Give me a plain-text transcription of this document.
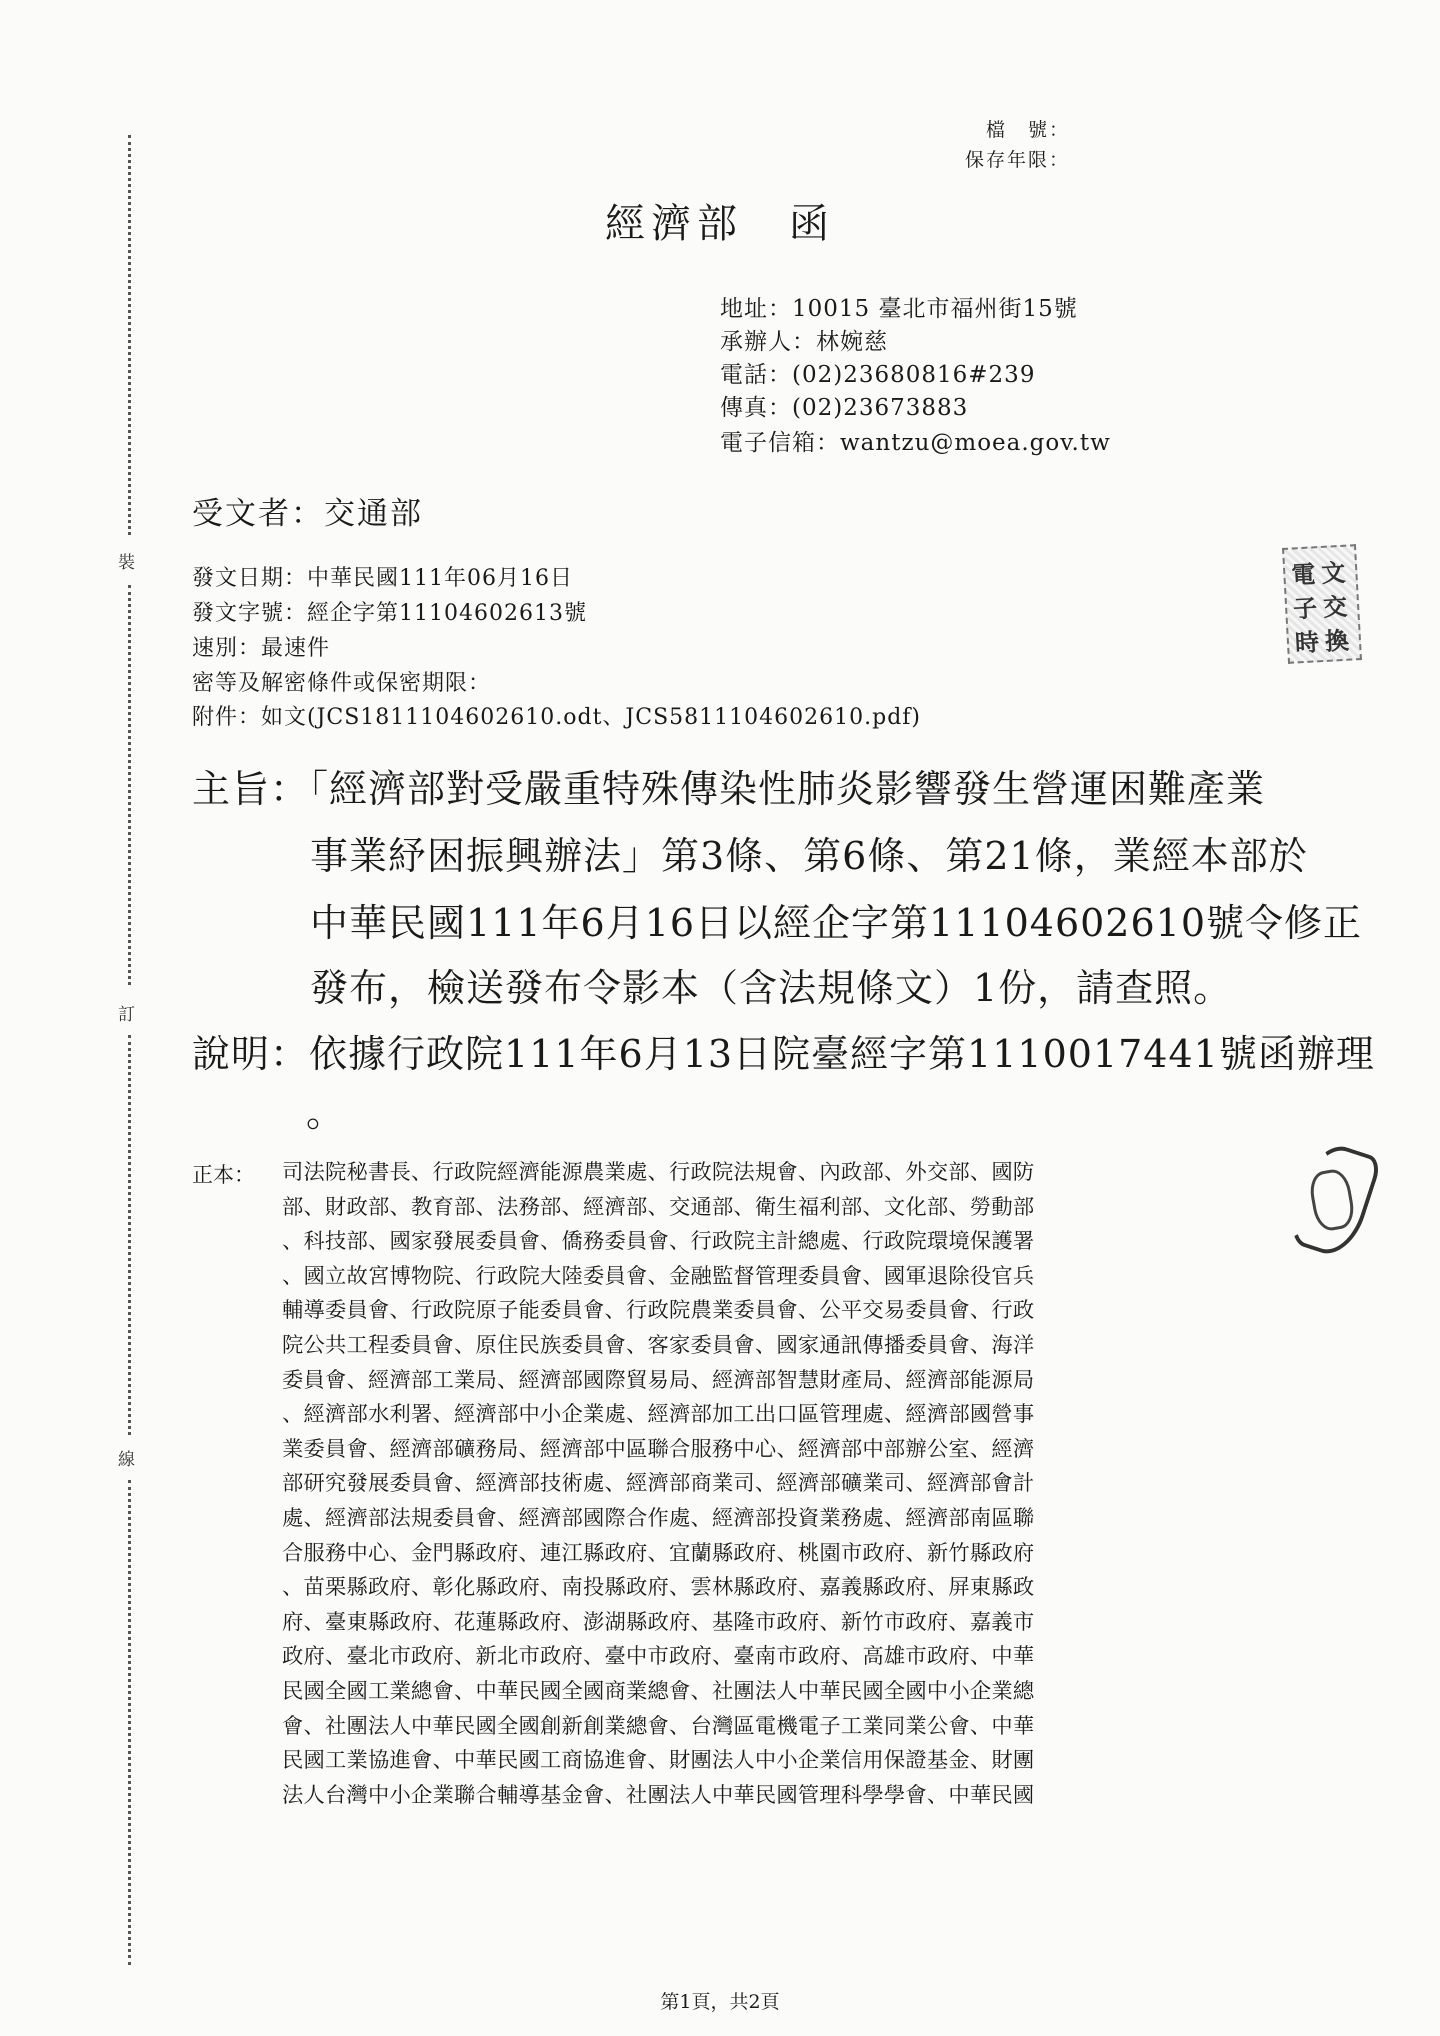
裝
訂
線
檔　號：
保存年限：
經濟部　函
地址：10015 臺北市福州街15號
承辦人：林婉慈
電話：(02)23680816#239
傳真：(02)23673883
電子信箱：wantzu@moea.gov.tw
受文者：交通部
發文日期：中華民國111年06月16日
發文字號：經企字第11104602613號
速別：最速件
密等及解密條件或保密期限：
附件：如文(JCS1811104602610.odt、JCS5811104602610.pdf)
主旨：「經濟部對受嚴重特殊傳染性肺炎影響發生營運困難產業
事業紓困振興辦法」第3條、第6條、第21條，業經本部於
中華民國111年6月16日以經企字第11104602610號令修正
發布，檢送發布令影本（含法規條文）1份，請查照。
說明：依據行政院111年6月13日院臺經字第1110017441號函辦理
。
正本： 司法院秘書長、行政院經濟能源農業處、行政院法規會、內政部、外交部、國防
部、財政部、教育部、法務部、經濟部、交通部、衛生福利部、文化部、勞動部
、科技部、國家發展委員會、僑務委員會、行政院主計總處、行政院環境保護署
、國立故宮博物院、行政院大陸委員會、金融監督管理委員會、國軍退除役官兵
輔導委員會、行政院原子能委員會、行政院農業委員會、公平交易委員會、行政
院公共工程委員會、原住民族委員會、客家委員會、國家通訊傳播委員會、海洋
委員會、經濟部工業局、經濟部國際貿易局、經濟部智慧財產局、經濟部能源局
、經濟部水利署、經濟部中小企業處、經濟部加工出口區管理處、經濟部國營事
業委員會、經濟部礦務局、經濟部中區聯合服務中心、經濟部中部辦公室、經濟
部研究發展委員會、經濟部技術處、經濟部商業司、經濟部礦業司、經濟部會計
處、經濟部法規委員會、經濟部國際合作處、經濟部投資業務處、經濟部南區聯
合服務中心、金門縣政府、連江縣政府、宜蘭縣政府、桃園市政府、新竹縣政府
、苗栗縣政府、彰化縣政府、南投縣政府、雲林縣政府、嘉義縣政府、屏東縣政
府、臺東縣政府、花蓮縣政府、澎湖縣政府、基隆市政府、新竹市政府、嘉義市
政府、臺北市政府、新北市政府、臺中市政府、臺南市政府、高雄市政府、中華
民國全國工業總會、中華民國全國商業總會、社團法人中華民國全國中小企業總
會、社團法人中華民國全國創新創業總會、台灣區電機電子工業同業公會、中華
民國工業協進會、中華民國工商協進會、財團法人中小企業信用保證基金、財團
法人台灣中小企業聯合輔導基金會、社團法人中華民國管理科學學會、中華民國
電 文
子 交
時 換
第1頁，共2頁
